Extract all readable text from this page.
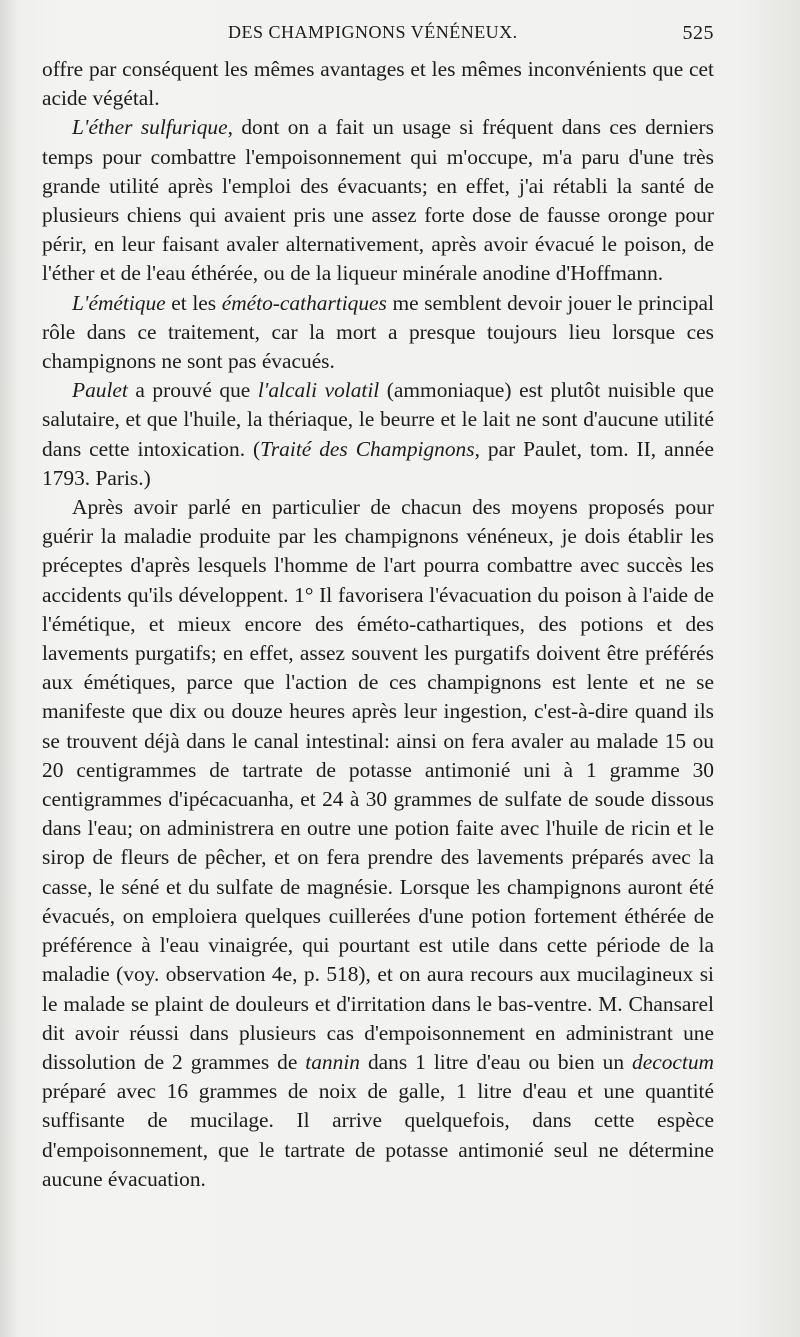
DES CHAMPIGNONS VÉNÉNEUX.	525

offre par conséquent les mêmes avantages et les mêmes inconvénients que cet acide végétal.

L'éther sulfurique, dont on a fait un usage si fréquent dans ces derniers temps pour combattre l'empoisonnement qui m'occupe, m'a paru d'une très grande utilité après l'emploi des évacuants; en effet, j'ai rétabli la santé de plusieurs chiens qui avaient pris une assez forte dose de fausse oronge pour périr, en leur faisant avaler alternativement, après avoir évacué le poison, de l'éther et de l'eau éthérée, ou de la liqueur minérale anodine d'Hoffmann.

L'émétique et les éméto-cathartiques me semblent devoir jouer le principal rôle dans ce traitement, car la mort a presque toujours lieu lorsque ces champignons ne sont pas évacués.

Paulet a prouvé que l'alcali volatil (ammoniaque) est plutôt nuisible que salutaire, et que l'huile, la thériaque, le beurre et le lait ne sont d'aucune utilité dans cette intoxication. (Traité des Champignons, par Paulet, tom. II, année 1793. Paris.)

Après avoir parlé en particulier de chacun des moyens proposés pour guérir la maladie produite par les champignons vénéneux, je dois établir les préceptes d'après lesquels l'homme de l'art pourra combattre avec succès les accidents qu'ils développent. 1° Il favorisera l'évacuation du poison à l'aide de l'émétique, et mieux encore des éméto-cathartiques, des potions et des lavements purgatifs; en effet, assez souvent les purgatifs doivent être préférés aux émétiques, parce que l'action de ces champignons est lente et ne se manifeste que dix ou douze heures après leur ingestion, c'est-à-dire quand ils se trouvent déjà dans le canal intestinal: ainsi on fera avaler au malade 15 ou 20 centigrammes de tartrate de potasse antimonié uni à 1 gramme 30 centigrammes d'ipécacuanha, et 24 à 30 grammes de sulfate de soude dissous dans l'eau; on administrera en outre une potion faite avec l'huile de ricin et le sirop de fleurs de pêcher, et on fera prendre des lavements préparés avec la casse, le séné et du sulfate de magnésie. Lorsque les champignons auront été évacués, on emploiera quelques cuillerées d'une potion fortement éthérée de préférence à l'eau vinaigrée, qui pourtant est utile dans cette période de la maladie (voy. observation 4e, p. 518), et on aura recours aux mucilagineux si le malade se plaint de douleurs et d'irritation dans le bas-ventre. M. Chansarel dit avoir réussi dans plusieurs cas d'empoisonnement en administrant une dissolution de 2 grammes de tannin dans 1 litre d'eau ou bien un decoctum préparé avec 16 grammes de noix de galle, 1 litre d'eau et une quantité suffisante de mucilage. Il arrive quelquefois, dans cette espèce d'empoisonnement, que le tartrate de potasse antimonié seul ne détermine aucune évacuation.
